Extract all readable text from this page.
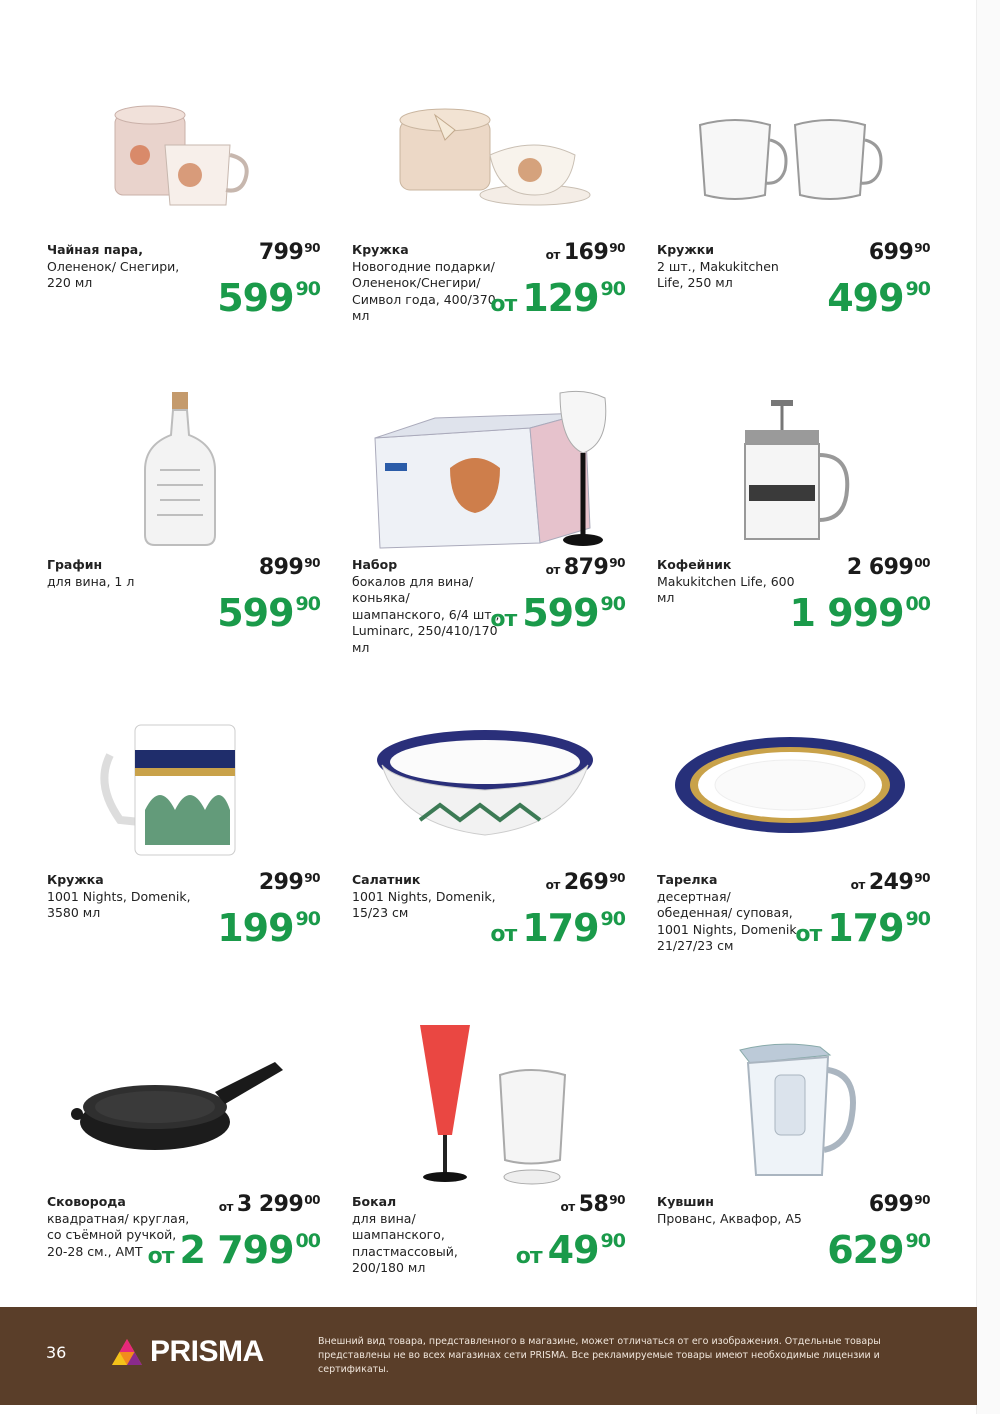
Чайная пара,
Олененок/ Снегири, 220 мл
$799^{90}$
599 $^{90}$
Кружка
Новогодние подарки/ Олененок/Снегири/ Символ года, 400/370 мл
от $169^{90}$
от 129 $^{90}$
Кружки
2 шт., Makukitchen Life, 250 мл
$699^{90}$
499 $^{90}$
Графин
для вина, 1 л
$899^{90}$
599 $^{90}$
Набор
бокалов для вина/ коньяка/шампанского, 6/4 шт., Luminarc, 250/410/170 мл
от $879^{90}$
от 599 $^{90}$
Кофейник
Makukitchen Life, 600 мл
2 $699^{00}$
1 999 $^{00}$
Кружка
1001 Nights, Domenik, 3580 мл
$299^{90}$
199 $^{90}$
Салатник
1001 Nights, Domenik, 15/23 см
от $269^{90}$
от 179 $^{90}$
Тарелка
десертная/ обеденная/ суповая, 1001 Nights, Domenik, 21/27/23 см
от $249^{90}$
от 179 $^{90}$
Сковорода
квадратная/ круглая, со съёмной ручкой, 20-28 см., AMT
от 3 $299^{00}$
от 2 799 $^{00}$
Бокал
для вина/ шампанского, пластмассовый, 200/180 мл
от $58^{90}$
от 49 $^{90}$
Кувшин
Прованс, Аквафор, А5
$699^{90}$
629 $^{90}$
36	PRISMA	Внешний вид товара, представленного в магазине, может отличаться от его изображения. Отдельные товары представлены не во всех магазинах сети PRISMA. Все рекламируемые товары имеют необходимые лицензии и сертификаты.
